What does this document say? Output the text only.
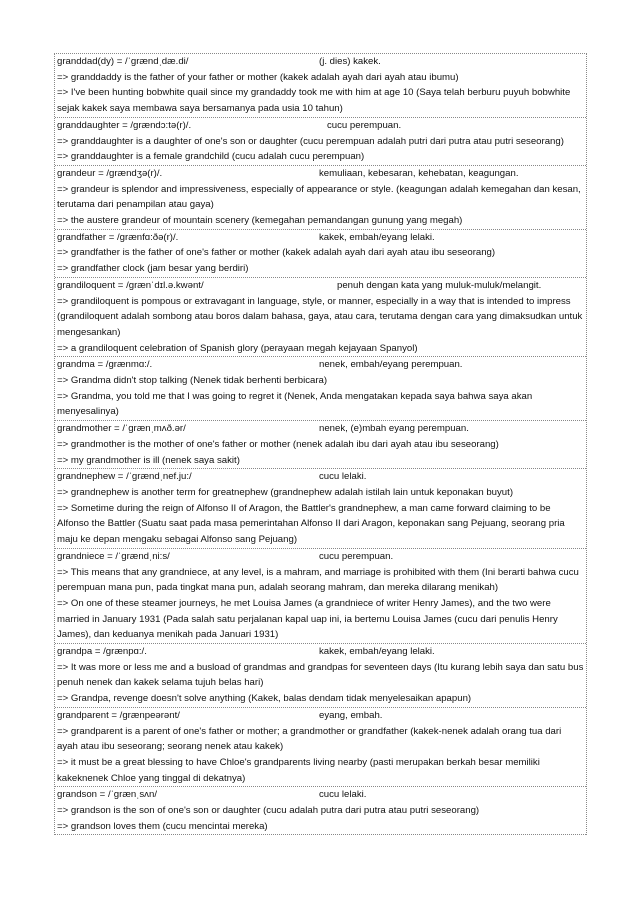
granddad(dy) = /ˈgrændˌdæ.di/	(j. dies) kakek.
=> granddaddy is the father of your father or mother (kakek adalah ayah dari ayah atau ibumu)
=> I've been hunting bobwhite quail since my grandaddy took me with him at age 10 (Saya telah berburu puyuh bobwhite sejak kakek saya membawa saya bersamanya pada usia 10 tahun)
granddaughter = /grændɔ:tə(r)/.	cucu perempuan.
=> granddaughter is a daughter of one's son or daughter (cucu perempuan adalah putri dari putra atau putri seseorang)
=> granddaughter is a female grandchild (cucu adalah cucu perempuan)
grandeur = /grændʒə(r)/.	kemuliaan, kebesaran, kehebatan, keagungan.
=> grandeur is splendor and impressiveness, especially of appearance or style. (keagungan adalah kemegahan dan kesan, terutama dari penampilan atau gaya)
=> the austere grandeur of mountain scenery (kemegahan pemandangan gunung yang megah)
grandfather = /grænfɑ:ðə(r)/.	kakek, embah/eyang lelaki.
=> grandfather is the father of one's father or mother (kakek adalah ayah dari ayah atau ibu seseorang)
=> grandfather clock (jam besar yang berdiri)
grandiloquent = /grænˈdɪl.ə.kwənt/	penuh dengan kata yang muluk-muluk/melangit.
=> grandiloquent is pompous or extravagant in language, style, or manner, especially in a way that is intended to impress (grandiloquent adalah sombong atau boros dalam bahasa, gaya, atau cara, terutama dengan cara yang dimaksudkan untuk mengesankan)
=> a grandiloquent celebration of Spanish glory (perayaan megah kejayaan Spanyol)
grandma = /grænmɑ:/.	nenek, embah/eyang perempuan.
=> Grandma didn't stop talking (Nenek tidak berhenti berbicara)
=> Grandma, you told me that I was going to regret it (Nenek, Anda mengatakan kepada saya bahwa saya akan menyesalinya)
grandmother = /ˈgrænˌmʌð.ər/	nenek, (e)mbah eyang perempuan.
=> grandmother is the mother of one's father or mother (nenek adalah ibu dari ayah atau ibu seseorang)
=> my grandmother is ill (nenek saya sakit)
grandnephew = /ˈgrændˌnef.ju:/	cucu lelaki.
=> grandnephew is another term for greatnephew (grandnephew adalah istilah lain untuk keponakan buyut)
=> Sometime during the reign of Alfonso II of Aragon, the Battler's grandnephew, a man came forward claiming to be Alfonso the Battler (Suatu saat pada masa pemerintahan Alfonso II dari Aragon, keponakan sang Pejuang, seorang pria maju ke depan mengaku sebagai Alfonso sang Pejuang)
grandniece = /ˈgrændˌni:s/	cucu perempuan.
=> This means that any grandniece, at any level, is a mahram, and marriage is prohibited with them (Ini berarti bahwa cucu perempuan mana pun, pada tingkat mana pun, adalah seorang mahram, dan mereka dilarang menikah)
=> On one of these steamer journeys, he met Louisa James (a grandniece of writer Henry James), and the two were married in January 1931 (Pada salah satu perjalanan kapal uap ini, ia bertemu Louisa James (cucu dari penulis Henry James), dan keduanya menikah pada Januari 1931)
grandpa = /grænpɑ:/.	kakek, embah/eyang lelaki.
=> It was more or less me and a busload of grandmas and grandpas for seventeen days (Itu kurang lebih saya dan satu bus penuh nenek dan kakek selama tujuh belas hari)
=> Grandpa, revenge doesn't solve anything (Kakek, balas dendam tidak menyelesaikan apapun)
grandparent = /grænpeərənt/	eyang, embah.
=> grandparent is a parent of one's father or mother; a grandmother or grandfather (kakek-nenek adalah orang tua dari ayah atau ibu seseorang; seorang nenek atau kakek)
=> it must be a great blessing to have Chloe's grandparents living nearby (pasti merupakan berkah besar memiliki kakeknenek Chloe yang tinggal di dekatnya)
grandson = /ˈgrænˌsʌn/	cucu lelaki.
=> grandson is the son of one's son or daughter (cucu adalah putra dari putra atau putri seseorang)
=> grandson loves them (cucu mencintai mereka)
